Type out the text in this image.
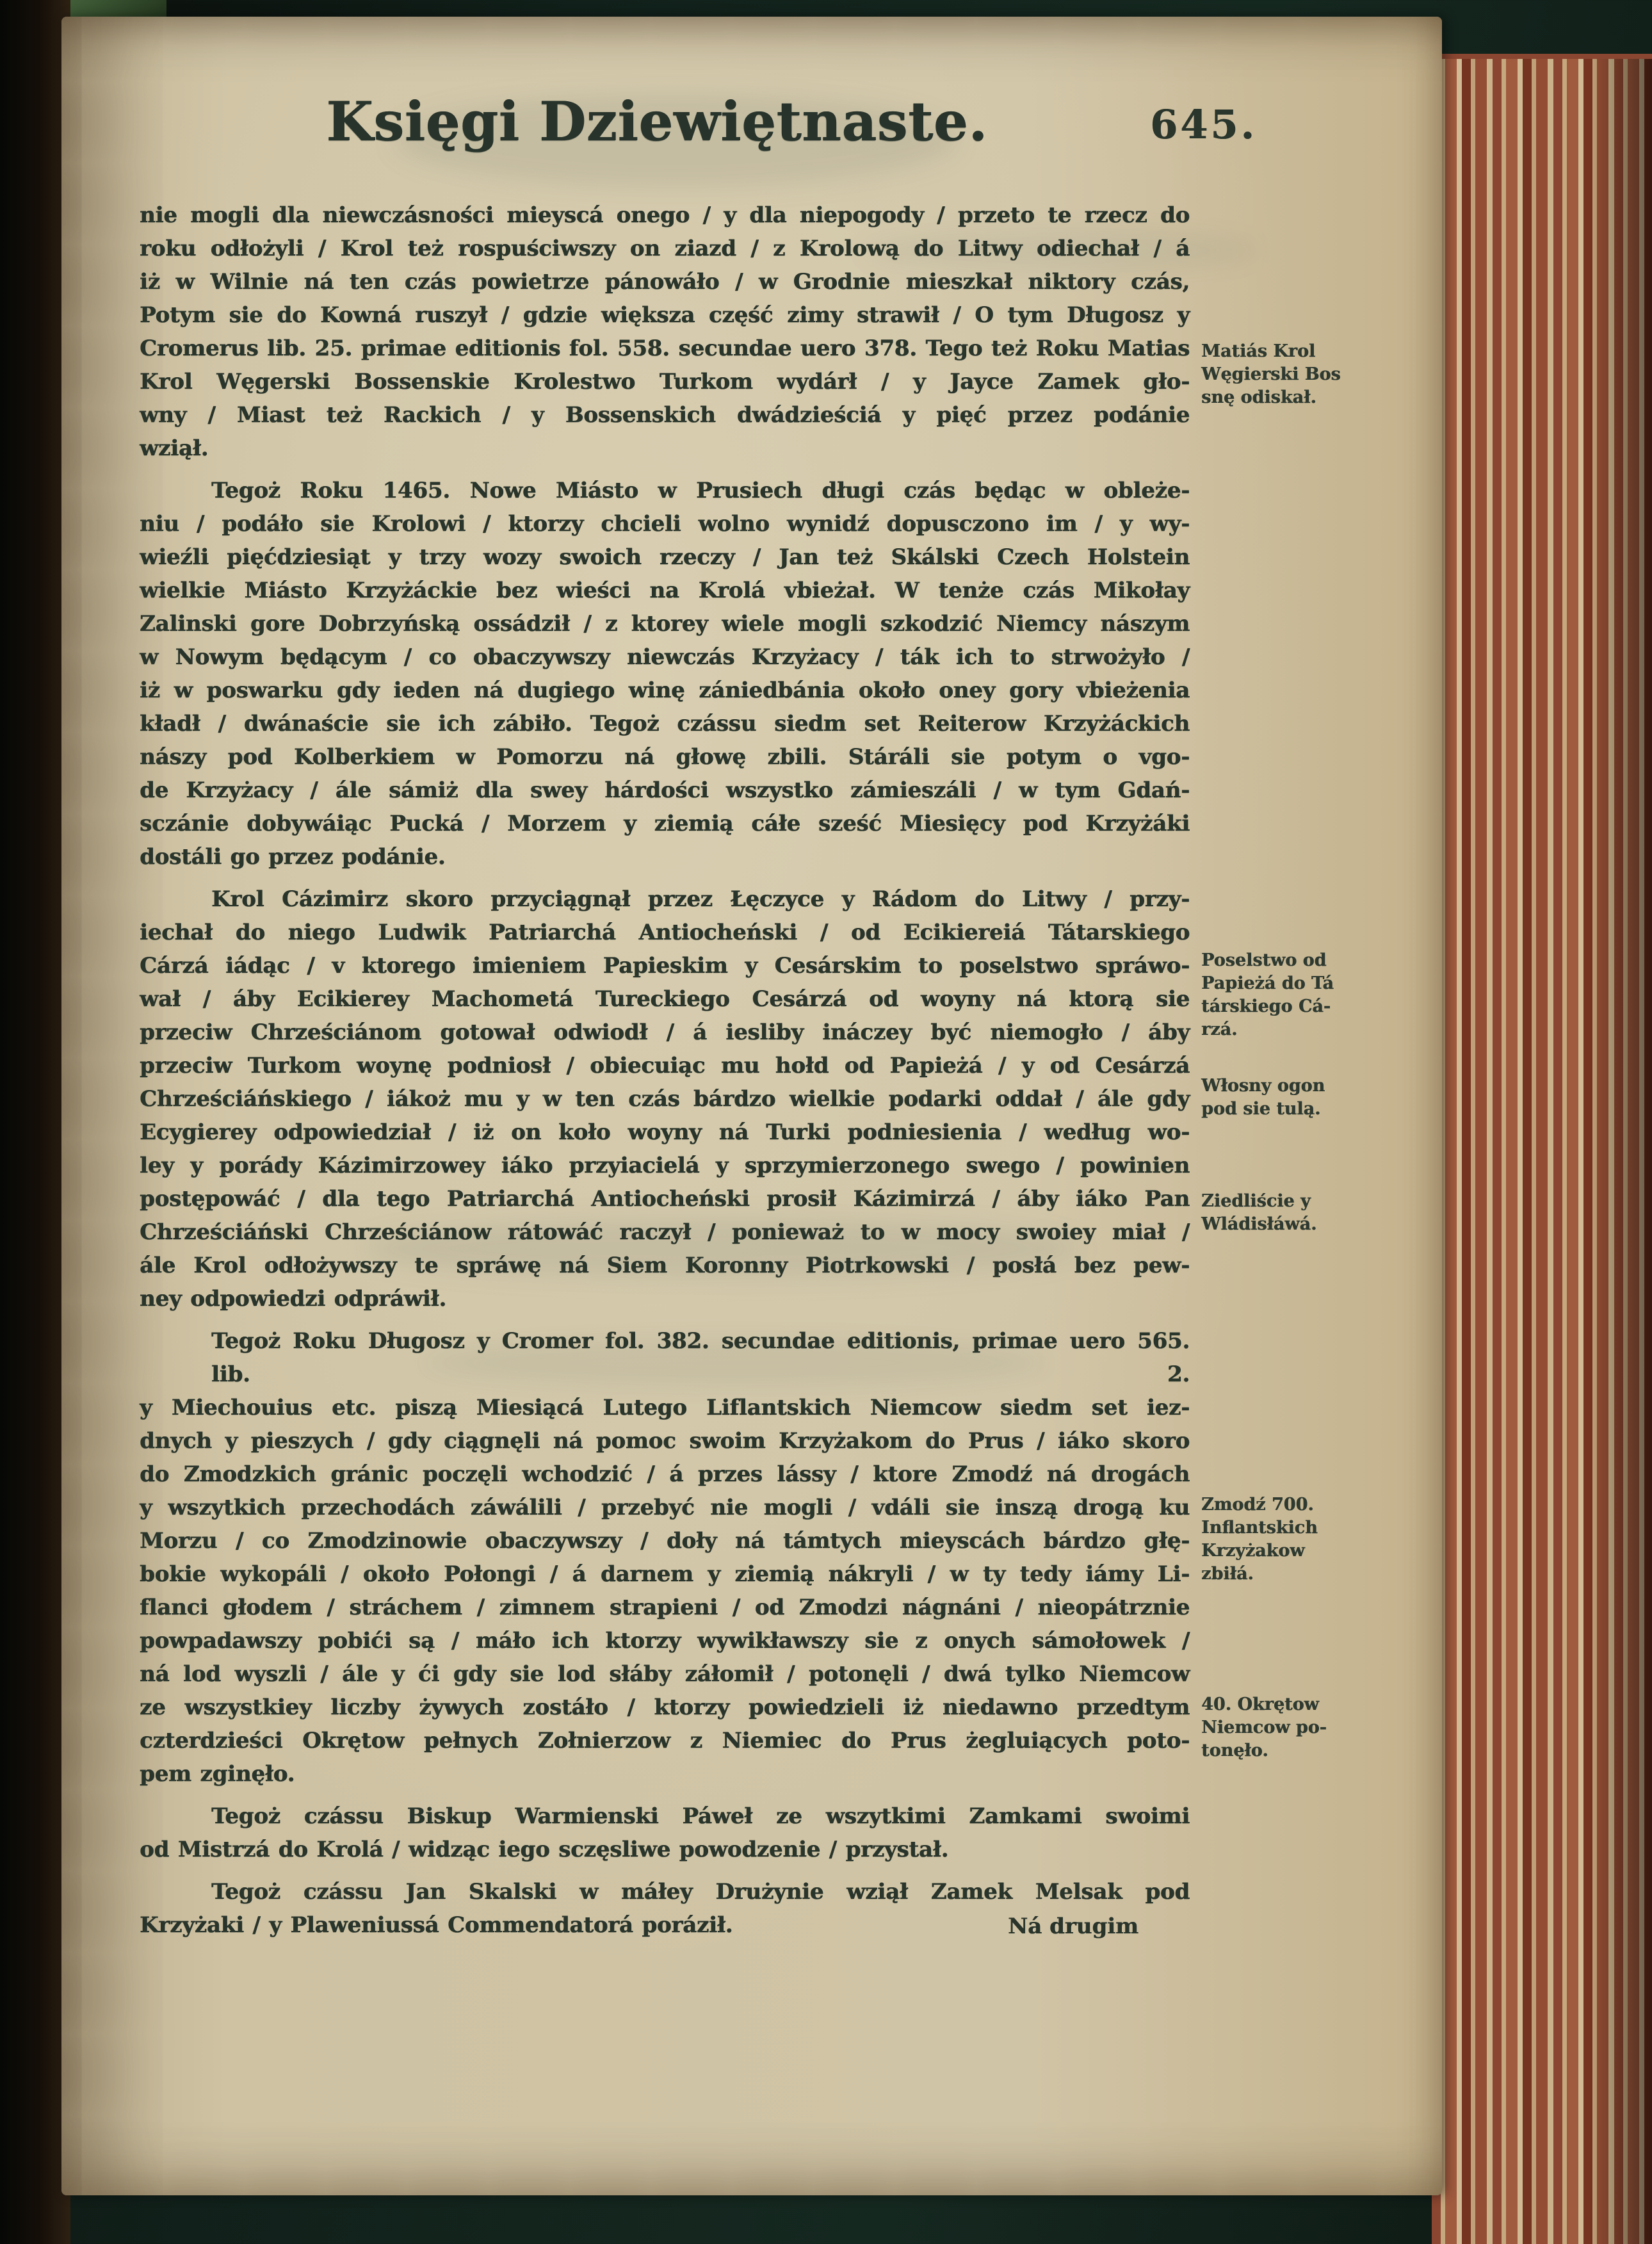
Księgi Dziewiętnaste.	645.
nie mogli dla niewczásności mieyscá onego / y dla niepogody / przeto te rzecz do
roku odłożyli / Krol też rospuściwszy on ziazd / z Krolową do Litwy odiechał / á
iż w Wilnie ná ten czás powietrze pánowáło / w Grodnie mieszkał niktory czás,
Potym sie do Kowná ruszył / gdzie większa część zimy strawił / O tym Długosz y
Cromerus lib. 25. primae editionis fol. 558. secundae uero 378. Tego też Roku Matias
Krol Węgerski Bossenskie Krolestwo Turkom wydárł / y Jayce Zamek gło-
wny / Miast też Rackich / y Bossenskich dwádzieściá y pięć przez podánie
wziął.
Tegoż Roku 1465. Nowe Miásto w Prusiech długi czás będąc w obleże-
niu / podáło sie Krolowi / ktorzy chcieli wolno wynidź dopusczono im / y wy-
wieźli pięćdziesiąt y trzy wozy swoich rzeczy / Jan też Skálski Czech Holstein
wielkie Miásto Krzyżáckie bez wieści na Krolá vbieżał. W tenże czás Mikołay
Zalinski gore Dobrzyńską ossádził / z ktorey wiele mogli szkodzić Niemcy nászym
w Nowym będącym / co obaczywszy niewczás Krzyżacy / ták ich to strwożyło /
iż w poswarku gdy ieden ná dugiego winę zániedbánia około oney gory vbieżenia
kładł / dwánaście sie ich zábiło. Tegoż czássu siedm set Reiterow Krzyżáckich
nászy pod Kolberkiem w Pomorzu ná głowę zbili. Stáráli sie potym o vgo-
de Krzyżacy / ále sámiż dla swey hárdości wszystko zámieszáli / w tym Gdań-
sczánie dobywáiąc Pucká / Morzem y ziemią cáłe sześć Miesięcy pod Krzyżáki
dostáli go przez podánie.
Krol Cázimirz skoro przyciągnął przez Łęczyce y Rádom do Litwy / przy-
iechał do niego Ludwik Patriarchá Antiocheński / od Ecikiereiá Tátarskiego
Cárzá iádąc / v ktorego imieniem Papieskim y Cesárskim to poselstwo spráwo-
wał / áby Ecikierey Machometá Tureckiego Cesárzá od woyny ná ktorą sie
przeciw Chrześciánom gotował odwiodł / á iesliby ináczey być niemogło / áby
przeciw Turkom woynę podniosł / obiecuiąc mu hołd od Papieżá / y od Cesárzá
Chrześciáńskiego / iákoż mu y w ten czás bárdzo wielkie podarki oddał / ále gdy
Ecygierey odpowiedział / iż on koło woyny ná Turki podniesienia / według wo-
ley y porády Kázimirzowey iáko przyiacielá y sprzymierzonego swego / powinien
postępowáć / dla tego Patriarchá Antiocheński prosił Kázimirzá / áby iáko Pan
Chrześciáński Chrześciánow rátowáć raczył / ponieważ to w mocy swoiey miał /
ále Krol odłożywszy te spráwę ná Siem Koronny Piotrkowski / posłá bez pew-
ney odpowiedzi odpráwił.
Tegoż Roku Długosz y Cromer fol. 382. secundae editionis, primae uero 565. lib. 2.
y Miechouius etc. piszą Miesiącá Lutego Liflantskich Niemcow siedm set iez-
dnych y pieszych / gdy ciągnęli ná pomoc swoim Krzyżakom do Prus / iáko skoro
do Zmodzkich gránic poczęli wchodzić / á przes lássy / ktore Zmodź ná drogách
y wszytkich przechodách záwálili / przebyć nie mogli / vdáli sie inszą drogą ku
Morzu / co Zmodzinowie obaczywszy / doły ná támtych mieyscách bárdzo głę-
bokie wykopáli / około Połongi / á darnem y ziemią nákryli / w ty tedy iámy Li-
flanci głodem / stráchem / zimnem strapieni / od Zmodzi nágnáni / nieopátrznie
powpadawszy pobići są / máło ich ktorzy wywikławszy sie z onych sámołowek /
ná lod wyszli / ále y ći gdy sie lod słáby záłomił / potonęli / dwá tylko Niemcow
ze wszystkiey liczby żywych zostáło / ktorzy powiedzieli iż niedawno przedtym
czterdzieści Okrętow pełnych Zołnierzow z Niemiec do Prus żegluiących poto-
pem zginęło.
Tegoż czássu Biskup Warmienski Páweł ze wszytkimi Zamkami swoimi
od Mistrzá do Krolá / widząc iego sczęsliwe powodzenie / przystał.
Tegoż czássu Jan Skalski w máłey Drużynie wziął Zamek Melsak pod
Krzyżaki / y Plaweniussá Commendatorá poráził.
Matiás Krol
Węgierski Bos
snę odiskał.
Poselstwo od
Papieżá do Tá
társkiego Cá-
rzá.
Włosny ogon
pod sie tulą.
Ziedliście y
Wládisłáwá.
Zmodź 700.
Inflantskich
Krzyżakow
zbiłá.
40. Okrętow
Niemcow po-
tonęło.
Ná drugim
